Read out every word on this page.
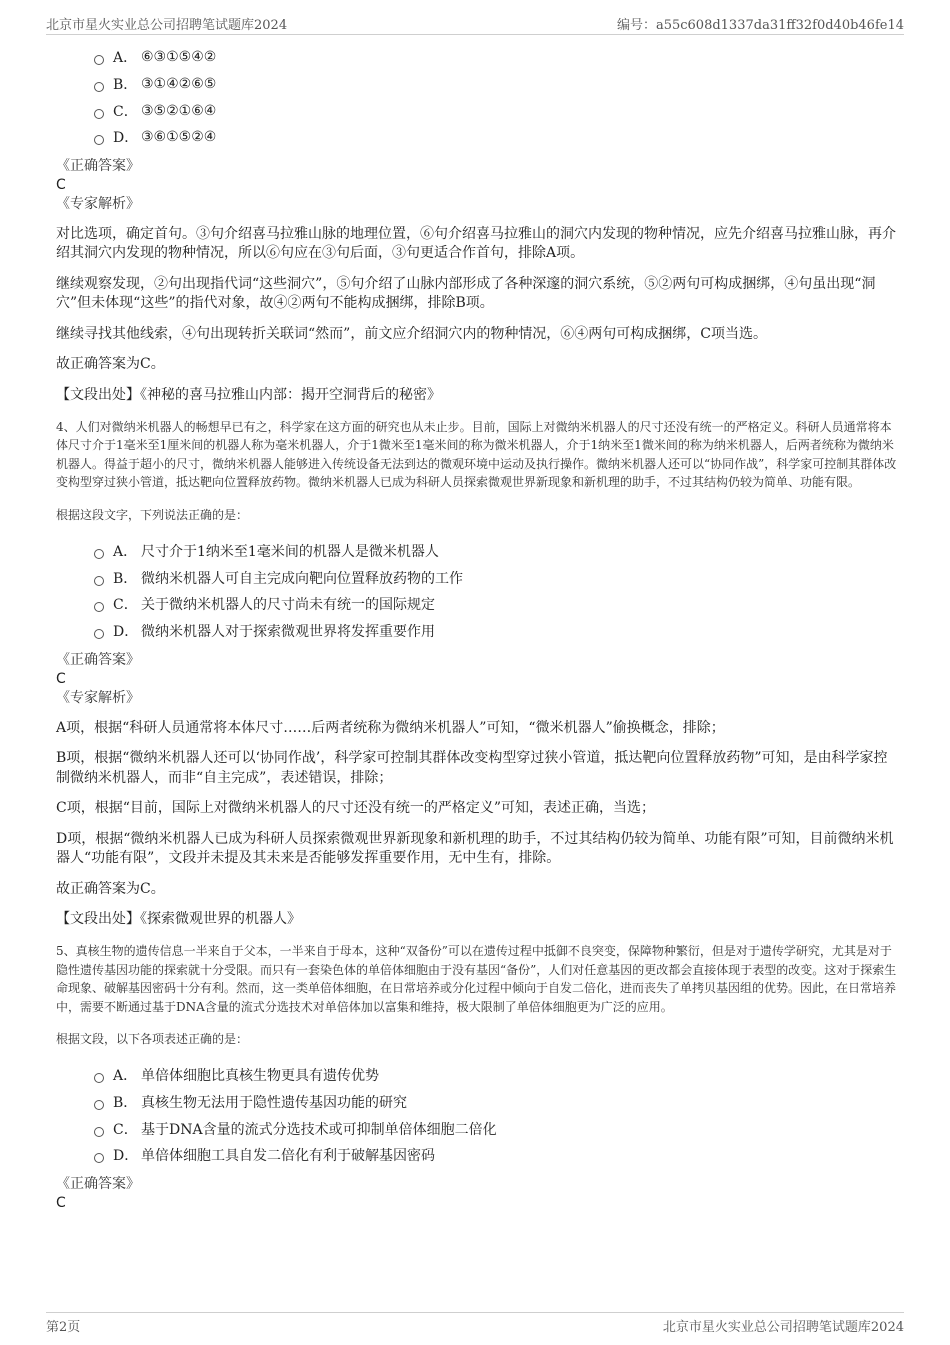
北京市星火实业总公司招聘笔试题库2024	编号：a55c608d1337da31ff32f0d40b46fe14
A． ⑥③①⑤④②
B． ③①④②⑥⑤
C． ③⑤②①⑥④
D． ③⑥①⑤②④
《正确答案》
C
《专家解析》

对比选项，确定首句。③句介绍喜马拉雅山脉的地理位置，⑥句介绍喜马拉雅山的洞穴内发现的物种情况，应先介绍喜马拉雅山脉，再介绍其洞穴内发现的物种情况，所以⑥句应在③句后面，③句更适合作首句，排除A项。

继续观察发现，②句出现指代词“这些洞穴”，⑤句介绍了山脉内部形成了各种深邃的洞穴系统，⑤②两句可构成捆绑，④句虽出现“洞穴”但未体现“这些”的指代对象，故④②两句不能构成捆绑，排除B项。

继续寻找其他线索，④句出现转折关联词“然而”，前文应介绍洞穴内的物种情况，⑥④两句可构成捆绑，C项当选。

故正确答案为C。

【文段出处】《神秘的喜马拉雅山内部：揭开空洞背后的秘密》

4、人们对微纳米机器人的畅想早已有之，科学家在这方面的研究也从未止步。目前，国际上对微纳米机器人的尺寸还没有统一的严格定义。科研人员通常将本体尺寸介于1毫米至1厘米间的机器人称为毫米机器人，介于1微米至1毫米间的称为微米机器人，介于1纳米至1微米间的称为纳米机器人，后两者统称为微纳米机器人。得益于超小的尺寸，微纳米机器人能够进入传统设备无法到达的微观环境中运动及执行操作。微纳米机器人还可以“协同作战”，科学家可控制其群体改变构型穿过狭小管道，抵达靶向位置释放药物。微纳米机器人已成为科研人员探索微观世界新现象和新机理的助手，不过其结构仍较为简单、功能有限。

根据这段文字，下列说法正确的是：
A． 尺寸介于1纳米至1毫米间的机器人是微米机器人
B． 微纳米机器人可自主完成向靶向位置释放药物的工作
C． 关于微纳米机器人的尺寸尚未有统一的国际规定
D． 微纳米机器人对于探索微观世界将发挥重要作用
《正确答案》
C
《专家解析》

A项，根据“科研人员通常将本体尺寸……后两者统称为微纳米机器人”可知，“微米机器人”偷换概念，排除；

B项，根据“微纳米机器人还可以‘协同作战’，科学家可控制其群体改变构型穿过狭小管道，抵达靶向位置释放药物”可知，是由科学家控制微纳米机器人，而非“自主完成”，表述错误，排除；

C项，根据“目前，国际上对微纳米机器人的尺寸还没有统一的严格定义”可知，表述正确，当选；

D项，根据“微纳米机器人已成为科研人员探索微观世界新现象和新机理的助手，不过其结构仍较为简单、功能有限”可知，目前微纳米机器人“功能有限”，文段并未提及其未来是否能够发挥重要作用，无中生有，排除。

故正确答案为C。

【文段出处】《探索微观世界的机器人》

5、真核生物的遗传信息一半来自于父本，一半来自于母本，这种“双备份”可以在遗传过程中抵御不良突变，保障物种繁衍，但是对于遗传学研究，尤其是对于隐性遗传基因功能的探索就十分受限。而只有一套染色体的单倍体细胞由于没有基因“备份”，人们对任意基因的更改都会直接体现于表型的改变。这对于探索生命现象、破解基因密码十分有利。然而，这一类单倍体细胞，在日常培养或分化过程中倾向于自发二倍化，进而丧失了单拷贝基因组的优势。因此，在日常培养中，需要不断通过基于DNA含量的流式分选技术对单倍体加以富集和维持，极大限制了单倍体细胞更为广泛的应用。

根据文段，以下各项表述正确的是：
A． 单倍体细胞比真核生物更具有遗传优势
B． 真核生物无法用于隐性遗传基因功能的研究
C． 基于DNA含量的流式分选技术或可抑制单倍体细胞二倍化
D． 单倍体细胞工具自发二倍化有利于破解基因密码
《正确答案》
C
第2页	北京市星火实业总公司招聘笔试题库2024
